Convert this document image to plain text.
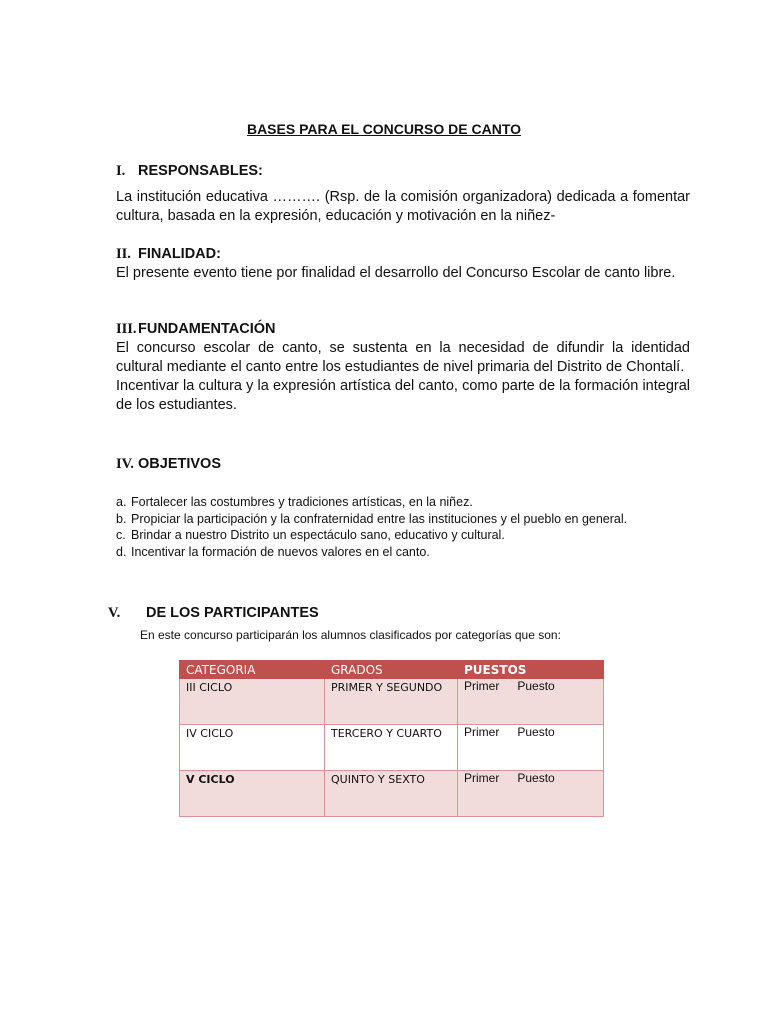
BASES PARA EL CONCURSO DE CANTO
I. RESPONSABLES:
La institución educativa ………. (Rsp. de la comisión organizadora) dedicada a fomentar cultura, basada en la expresión, educación y motivación en la niñez-
II. FINALIDAD:
El presente evento tiene por finalidad el desarrollo del Concurso Escolar de canto libre.
III.FUNDAMENTACIÓN
El concurso escolar de canto, se sustenta en la necesidad de difundir la identidad cultural mediante el canto entre los estudiantes de nivel primaria del Distrito de Chontalí.
Incentivar la cultura y la expresión artística del canto, como parte de la formación integral de los estudiantes.
IV. OBJETIVOS
a. Fortalecer las costumbres y tradiciones artísticas, en la niñez.
b. Propiciar la participación y la confraternidad entre las instituciones y el pueblo en general.
c. Brindar a nuestro Distrito un espectáculo sano, educativo y cultural.
d. Incentivar la formación de nuevos valores en el canto.
V. DE LOS PARTICIPANTES
En este concurso participarán los alumnos clasificados por categorías que son:
CATEGORIA	GRADOS	PUESTOS
III CICLO	PRIMER Y SEGUNDO	Primer Puesto
IV CICLO	TERCERO Y CUARTO	Primer Puesto
V CICLO	QUINTO Y SEXTO	Primer Puesto
